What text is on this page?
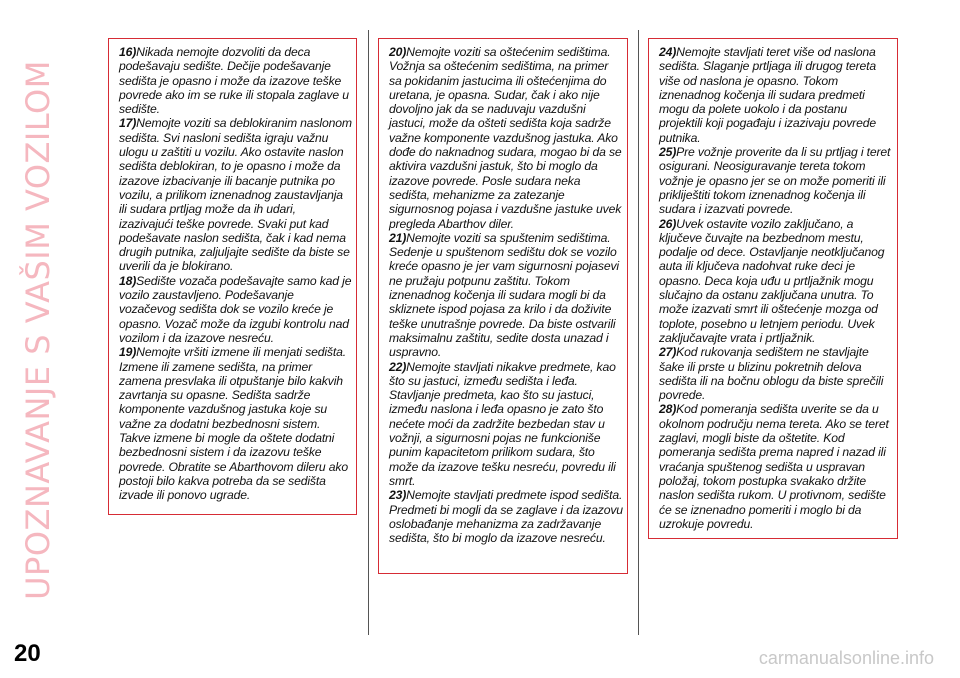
UPOZNAVANJE S VAŠIM VOZILOM

16)Nikada nemojte dozvoliti da deca podešavaju sedište. Dečije podešavanje sedišta je opasno i može da izazove teške povrede ako im se ruke ili stopala zaglave u sedište.

17)Nemojte voziti sa deblokiranim naslonom sedišta. Svi nasloni sedišta igraju važnu ulogu u zaštiti u vozilu. Ako ostavite naslon sedišta deblokiran, to je opasno i može da izazove izbacivanje ili bacanje putnika po vozilu, a prilikom iznenadnog zaustavljanja ili sudara prtljag može da ih udari, izazivajući teške povrede. Svaki put kad podešavate naslon sedišta, čak i kad nema drugih putnika, zaljuljajte sedište da biste se uverili da je blokirano.

18)Sedište vozača podešavajte samo kad je vozilo zaustavljeno. Podešavanje vozačevog sedišta dok se vozilo kreće je opasno. Vozač može da izgubi kontrolu nad vozilom i da izazove nesreću.

19)Nemojte vršiti izmene ili menjati sedišta. Izmene ili zamene sedišta, na primer zamena presvlaka ili otpuštanje bilo kakvih zavrtanja su opasne. Sedišta sadrže komponente vazdušnog jastuka koje su važne za dodatni bezbednosni sistem. Takve izmene bi mogle da oštete dodatni bezbednosni sistem i da izazovu teške povrede. Obratite se Abarthovom dileru ako postoji bilo kakva potreba da se sedišta izvade ili ponovo ugrade.

20)Nemojte voziti sa oštećenim sedištima. Vožnja sa oštećenim sedištima, na primer sa pokidanim jastucima ili oštećenjima do uretana, je opasna. Sudar, čak i ako nije dovoljno jak da se naduvaju vazdušni jastuci, može da ošteti sedišta koja sadrže važne komponente vazdušnog jastuka. Ako dođe do naknadnog sudara, mogao bi da se aktivira vazdušni jastuk, što bi moglo da izazove povrede. Posle sudara neka sedišta, mehanizme za zatezanje sigurnosnog pojasa i vazdušne jastuke uvek pregleda Abarthov diler.

21)Nemojte voziti sa spuštenim sedištima. Sedenje u spuštenom sedištu dok se vozilo kreće opasno je jer vam sigurnosni pojasevi ne pružaju potpunu zaštitu. Tokom iznenadnog kočenja ili sudara mogli bi da skliznete ispod pojasa za krilo i da doživite teške unutrašnje povrede. Da biste ostvarili maksimalnu zaštitu, sedite dosta unazad i uspravno.

22)Nemojte stavljati nikakve predmete, kao što su jastuci, između sedišta i leđa. Stavljanje predmeta, kao što su jastuci, između naslona i leđa opasno je zato što nećete moći da zadržite bezbedan stav u vožnji, a sigurnosni pojas ne funkcioniše punim kapacitetom prilikom sudara, što može da izazove tešku nesreću, povredu ili smrt.

23)Nemojte stavljati predmete ispod sedišta. Predmeti bi mogli da se zaglave i da izazovu oslobađanje mehanizma za zadržavanje sedišta, što bi moglo da izazove nesreću.

24)Nemojte stavljati teret više od naslona sedišta. Slaganje prtljaga ili drugog tereta više od naslona je opasno. Tokom iznenadnog kočenja ili sudara predmeti mogu da polete uokolo i da postanu projektili koji pogađaju i izazivaju povrede putnika.

25)Pre vožnje proverite da li su prtljag i teret osigurani. Neosiguravanje tereta tokom vožnje je opasno jer se on može pomeriti ili prikliještiti tokom iznenadnog kočenja ili sudara i izazvati povrede.

26)Uvek ostavite vozilo zaključano, a ključeve čuvajte na bezbednom mestu, podalje od dece. Ostavljanje neotključanog auta ili ključeva nadohvat ruke deci je opasno. Deca koja uđu u prtljažnik mogu slučajno da ostanu zaključana unutra. To može izazvati smrt ili oštećenje mozga od toplote, posebno u letnjem periodu. Uvek zaključavajte vrata i prtljažnik.

27)Kod rukovanja sedištem ne stavljajte šake ili prste u blizinu pokretnih delova sedišta ili na bočnu oblogu da biste sprečili povrede.

28)Kod pomeranja sedišta uverite se da u okolnom području nema tereta. Ako se teret zaglavi, mogli biste da oštetite. Kod pomeranja sedišta prema napred i nazad ili vraćanja spuštenog sedišta u uspravan položaj, tokom postupka svakako držite naslon sedišta rukom. U protivnom, sedište će se iznenadno pomeriti i moglo bi da uzrokuje povredu.

20	carmanualsonline.info
